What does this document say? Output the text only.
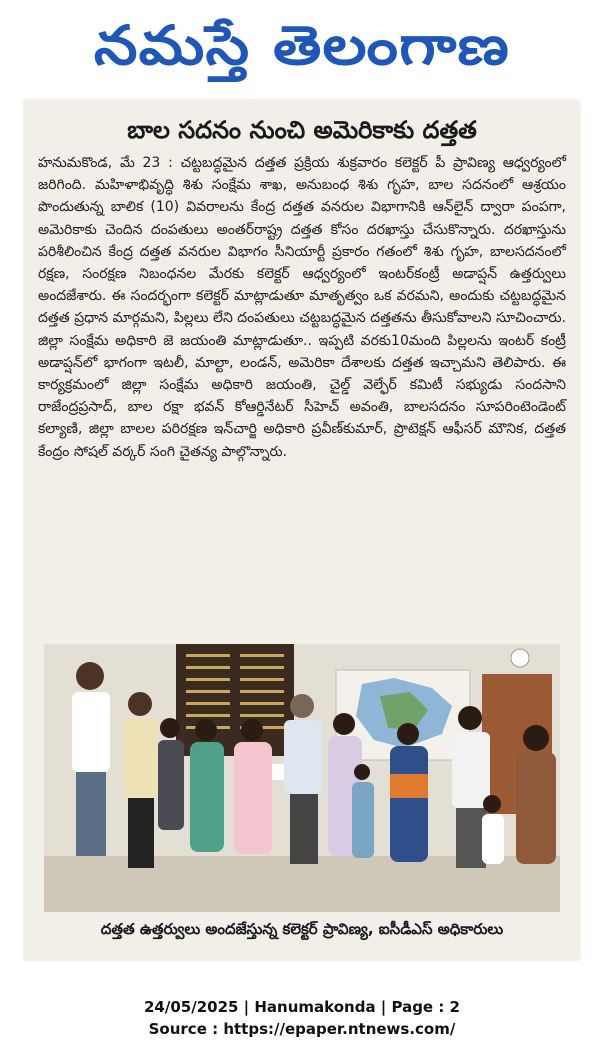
నమస్తే తెలంగాణ
బాల సదనం నుంచి అమెరికాకు దత్తత
హనుమకొండ, మే 23 : చట్టబద్ధమైన దత్తత ప్రక్రియ శుక్రవారం కలెక్టర్ పీ ప్రావిణ్య ఆధ్వర్యంలో జరిగింది. మహిళాభివృద్ధి శిశు సంక్షేమ శాఖ, అనుబంధ శిశు గృహ, బాల సదనంలో ఆశ్రయం పొందుతున్న బాలిక (10) వివరాలను కేంద్ర దత్తత వనరుల విభాగానికి ఆన్‌లైన్ ద్వారా పంపగా, అమెరికాకు చెందిన దంపతులు అంతర్‌రాష్ట్ర దత్తత కోసం దరఖాస్తు చేసుకొన్నారు. దరఖాస్తును పరిశీలించిన కేంద్ర దత్తత వనరుల విభాగం సీనియార్టీ ప్రకారం గతంలో శిశు గృహ, బాలసదనంలో రక్షణ, సంరక్షణ నిబంధనల మేరకు కలెక్టర్ ఆధ్వర్యంలో ఇంటర్‌కంట్రీ అడాప్షన్ ఉత్తర్వులు అందజేశారు. ఈ సందర్భంగా కలెక్టర్ మాట్లాడుతూ మాతృత్వం ఒక వరమని, అందుకు చట్టబద్ధమైన దత్తత ప్రధాన మార్గమని, పిల్లలు లేని దంపతులు చట్టబద్ధమైన దత్తతను తీసుకోవాలని సూచించారు. జిల్లా సంక్షేమ అధికారి జె జయంతి మాట్లాడుతూ.. ఇప్పటి వరకు10మంది పిల్లలను ఇంటర్ కంట్రీ అడాప్షన్‌లో భాగంగా ఇటలీ, మాల్టా, లండన్, అమెరికా దేశాలకు దత్తత ఇచ్చామని తెలిపారు. ఈ కార్యక్రమంలో జిల్లా సంక్షేమ అధికారి జయంతి, చైల్డ్ వెల్ఫేర్ కమిటీ సభ్యుడు సందసాని రాజేంద్రప్రసాద్, బాల రక్షా భవన్ కోఆర్డినేటర్ సీహెచ్ అవంతి, బాలసదనం సూపరింటెండెంట్ కల్యాణి, జిల్లా బాలల పరిరక్షణ ఇన్‌చార్జి అధికారి ప్రవీణ్‌కుమార్, ప్రొటెక్షన్ ఆఫీసర్ మౌనిక, దత్తత కేంద్రం సోషల్ వర్కర్ సంగి చైతన్య పాల్గొన్నారు.
దత్తత ఉత్తర్వులు అందజేస్తున్న కలెక్టర్ ప్రావిణ్య, ఐసీడీఎస్ అధికారులు
24/05/2025 | Hanumakonda | Page : 2
Source : https://epaper.ntnews.com/
